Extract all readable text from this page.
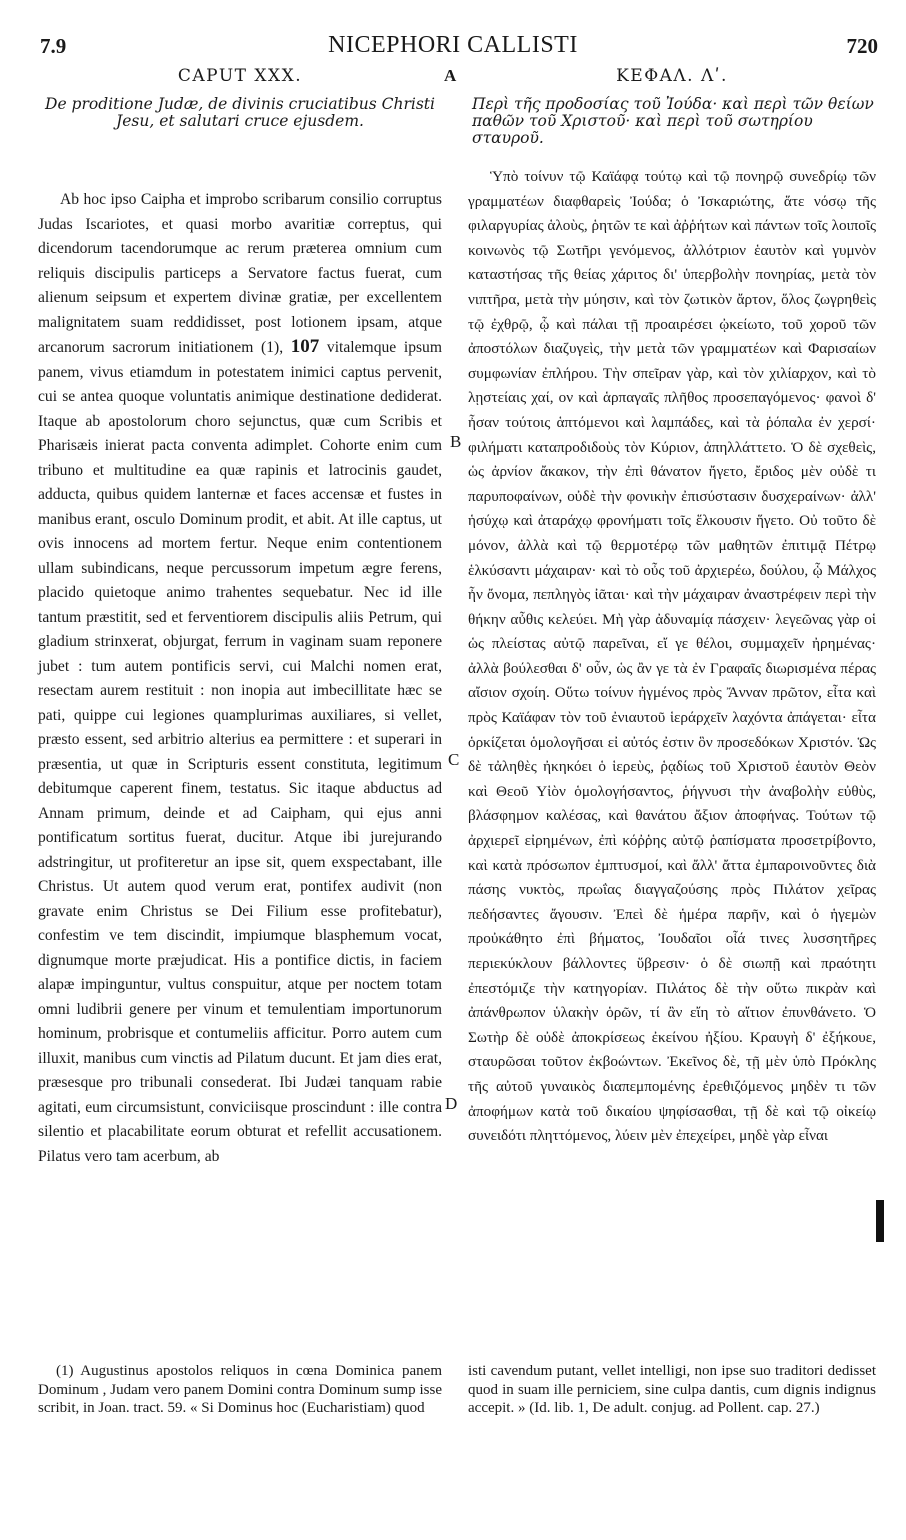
7.9	NICEPHORI CALLISTI	720
A
B
C
D
CAPUT XXX.
De proditione Judæ, de divinis cruciatibus Christi Jesu, et salutari cruce ejusdem.

Ab hoc ipso Caipha et improbo scribarum consilio corruptus Judas Iscariotes, et quasi morbo avaritiæ correptus, qui dicendorum tacendorumque ac rerum præterea omnium cum reliquis discipulis particeps a Servatore factus fuerat, cum alienum seipsum et expertem divinæ gratiæ, per excellentem malignitatem suam reddidisset, post lotionem ipsam, atque arcanorum sacrorum initiationem (1), 107 vitalemque ipsum panem, vivus etiamdum in potestatem inimici captus pervenit, cui se antea quoque voluntatis animique destinatione dediderat. Itaque ab apostolorum choro sejunctus, quæ cum Scribis et Pharisæis inierat pacta conventa adimplet. Cohorte enim cum tribuno et multitudine ea quæ rapinis et latrocinis gaudet, adducta, quibus quidem lanternæ et faces accensæ et fustes in manibus erant, osculo Dominum prodit, et abit. At ille captus, ut ovis innocens ad mortem fertur. Neque enim contentionem ullam subindicans, neque percussorum impetum ægre ferens, placido quietoque animo trahentes sequebatur. Nec id ille tantum præstitit, sed et ferventiorem discipulis aliis Petrum, qui gladium strinxerat, objurgat, ferrum in vaginam suam reponere jubet : tum autem pontificis servi, cui Malchi nomen erat, resectam aurem restituit : non inopia aut imbecillitate hæc se pati, quippe cui legiones quamplurimas auxiliares, si vellet, præsto essent, sed arbitrio alterius ea permittere : et superari in præsentia, ut quæ in Scripturis essent constituta, legitimum debitumque caperent finem, testatus. Sic itaque abductus ad Annam primum, deinde et ad Caipham, qui ejus anni pontificatum sortitus fuerat, ducitur. Atque ibi jurejurando adstringitur, ut profiteretur an ipse sit, quem exspectabant, ille Christus. Ut autem quod verum erat, pontifex audivit (non gravate enim Christus se Dei Filium esse profitebatur), confestim ve tem discindit, impiumque blasphemum vocat, dignumque morte præjudicat. His a pontifice dictis, in faciem alapæ impinguntur, vultus conspuitur, atque per noctem totam omni ludibrii genere per vinum et temulentiam importunorum hominum, probrisque et contumeliis afficitur. Porro autem cum illuxit, manibus cum vinctis ad Pilatum ducunt. Et jam dies erat, præsesque pro tribunali consederat. Ibi Judæi tanquam rabie agitati, eum circumsistunt, conviciisque proscindunt : ille contra silentio et placabilitate eorum obturat et refellit accusationem. Pilatus vero tam acerbum, ab

ΚΕΦΑΛ. Λʹ.
Περὶ τῆς προδοσίας τοῦ Ἰούδα· καὶ περὶ τῶν θείων παθῶν τοῦ Χριστοῦ· καὶ περὶ τοῦ σωτηρίου σταυροῦ.

Ὑπὸ τοίνυν τῷ Καϊάφᾳ τούτῳ καὶ τῷ πονηρῷ συνεδρίῳ τῶν γραμματέων διαφθαρεὶς Ἰούδα; ὁ Ἰσκαριώτης, ἅτε νόσῳ τῆς φιλαργυρίας ἁλοὺς, ῥητῶν τε καὶ ἀῤῥήτων καὶ πάντων τοῖς λοιποῖς κοινωνὸς τῷ Σωτῆρι γενόμενος, ἀλλότριον ἑαυτὸν καὶ γυμνὸν καταστήσας τῆς θείας χάριτος δι' ὑπερβολὴν πονηρίας, μετὰ τὸν νιπτῆρα, μετὰ τὴν μύησιν, καὶ τὸν ζωτικὸν ἄρτον, ὅλος ζωγρηθεὶς τῷ ἐχθρῷ, ᾧ καὶ πάλαι τῇ προαιρέσει ᾠκείωτο, τοῦ χοροῦ τῶν ἀποστόλων διαζυγεὶς, τὴν μετὰ τῶν γραμματέων καὶ Φαρισαίων συμφωνίαν ἐπλήρου. Τὴν σπεῖραν γὰρ, καὶ τὸν χιλίαρχον, καὶ τὸ λῃστείαις χαί, ον καὶ ἁρπαγαῖς πλῆθος προσεπαγόμενος· φανοὶ δ' ἦσαν τούτοις ἁπτόμενοι καὶ λαμπάδες, καὶ τὰ ῥόπαλα ἐν χερσί· φιλήματι καταπροδιδοὺς τὸν Κύριον, ἀπηλλάττετο. Ὁ δὲ σχεθεὶς, ὡς ἀρνίον ἄκακον, τὴν ἐπὶ θάνατον ἤγετο, ἔριδος μὲν οὐδὲ τι παρυποφαίνων, οὐδὲ τὴν φονικὴν ἐπισύστασιν δυσχεραίνων· ἀλλ' ἡσύχῳ καὶ ἀταράχῳ φρονήματι τοῖς ἕλκουσιν ἥγετο. Οὐ τοῦτο δὲ μόνον, ἀλλὰ καὶ τῷ θερμοτέρῳ τῶν μαθητῶν ἐπιτιμᾷ Πέτρῳ ἑλκύσαντι μάχαιραν· καὶ τὸ οὖς τοῦ ἀρχιερέω, δούλου, ᾧ Μάλχος ἦν ὄνομα, πεπληγὸς ἰᾶται· καὶ τὴν μάχαιραν ἀναστρέφειν περὶ τὴν θήκην αὖθις κελεύει. Μὴ γὰρ ἀδυναμίᾳ πάσχειν· λεγεῶνας γὰρ οἱ ὡς πλείστας αὐτῷ παρεῖναι, εἴ γε θέλοι, συμμαχεῖν ἠρημένας· ἀλλὰ βούλεσθαι δ' οὖν, ὡς ἂν γε τὰ ἐν Γραφαῖς διωρισμένα πέρας αἴσιον σχοίη. Οὕτω τοίνυν ἠγμένος πρὸς Ἄνναν πρῶτον, εἶτα καὶ πρὸς Καϊάφαν τὸν τοῦ ἐνιαυτοῦ ἱεράρχεῖν λαχόντα ἀπάγεται· εἶτα ὁρκίζεται ὁμολογῆσαι εἰ αὐτός ἐστιν ὃν προσεδόκων Χριστόν. Ὡς δὲ τἀληθὲς ἠκηκόει ὁ ἱερεὺς, ῥᾳδίως τοῦ Χριστοῦ ἑαυτὸν Θεὸν καὶ Θεοῦ Υἱὸν ὁμολογήσαντος, ῥήγνυσι τὴν ἀναβολὴν εὐθὺς, βλάσφημον καλέσας, καὶ θανάτου ἄξιον ἀποφήνας. Τούτων τῷ ἀρχιερεῖ εἰρημένων, ἐπὶ κόῤῥης αὐτῷ ῥαπίσματα προσετρίβοντο, καὶ κατὰ πρόσωπον ἐμπτυσμοί, καὶ ἄλλ' ἄττα ἐμπαροινοῦντες διὰ πάσης νυκτὸς, πρωΐας διαγγαζούσης πρὸς Πιλάτον χεῖρας πεδήσαντες ἄγουσιν. Ἐπεὶ δὲ ἡμέρα παρῆν, καὶ ὁ ἡγεμὼν προὐκάθητο ἐπὶ βήματος, Ἰουδαῖοι οἷά τινες λυσσητῆρες περιεκύκλουν βάλλοντες ὕβρεσιν· ὁ δὲ σιωπῇ καὶ πραότητι ἐπεστόμιζε τὴν κατηγορίαν. Πιλάτος δὲ τὴν οὕτω πικρὰν καὶ ἀπάνθρωπον ὑλακὴν ὁρῶν, τί ἂν εἴη τὸ αἴτιον ἐπυνθάνετο. Ὁ Σωτὴρ δὲ οὐδὲ ἀποκρίσεως ἐκείνου ἠξίου. Κραυγὴ δ' ἐξήκουε, σταυρῶσαι τοῦτον ἐκβοώντων. Ἐκεῖνος δὲ, τῇ μὲν ὑπὸ Πρόκλης τῆς αὐτοῦ γυναικὸς διαπεμπομένης ἐρεθιζόμενος μηδὲν τι τῶν ἀποφήμων κατὰ τοῦ δικαίου ψηφίσασθαι, τῇ δὲ καὶ τῷ οἰκείῳ συνειδότι πληττόμενος, λύειν μὲν ἐπεχείρει, μηδὲ γὰρ εἶναι

(1) Augustinus apostolos reliquos in cœna Dominica panem Dominum , Judam vero panem Domini contra Dominum sump isse scribit, in Joan. tract. 59. « Si Dominus hoc (Eucharistiam) quod
isti cavendum putant, vellet intelligi, non ipse suo traditori dedisset quod in suam ille perniciem, sine culpa dantis, cum dignis indignus accepit. » (Id. lib. 1, De adult. conjug. ad Pollent. cap. 27.)
